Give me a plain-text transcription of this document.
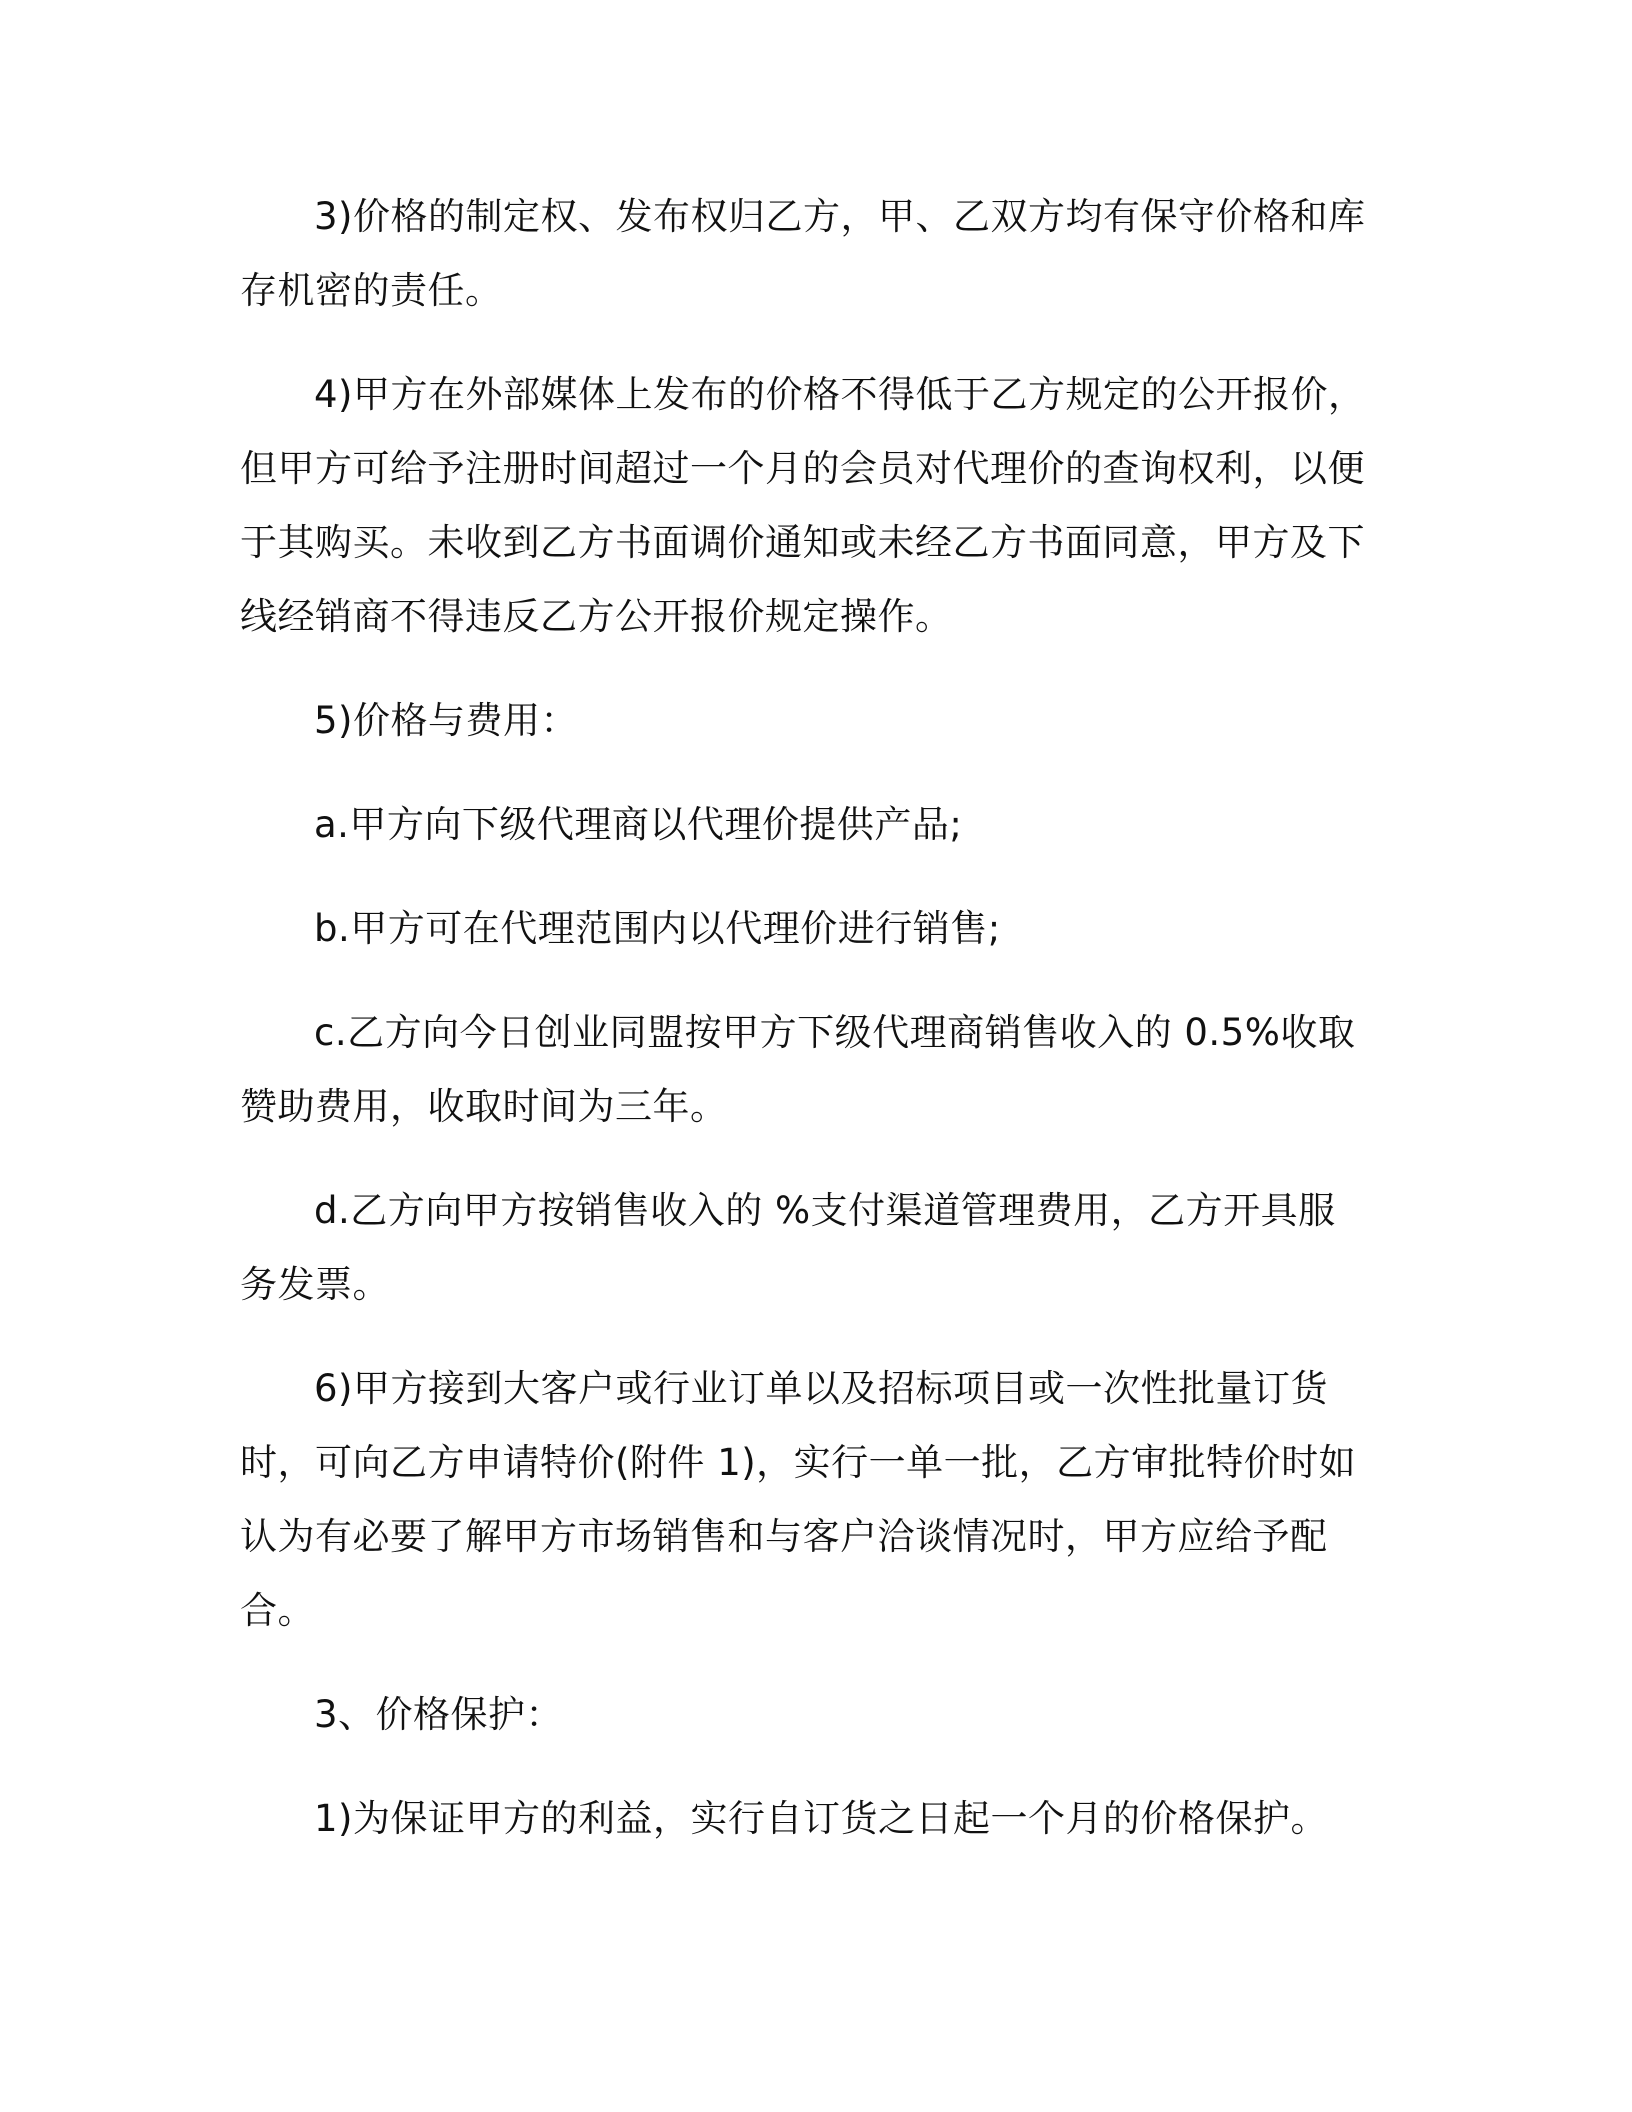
3)价格的制定权、发布权归乙方，甲、乙双方均有保守价格和库存机密的责任。

4)甲方在外部媒体上发布的价格不得低于乙方规定的公开报价，但甲方可给予注册时间超过一个月的会员对代理价的查询权利，以便于其购买。未收到乙方书面调价通知或未经乙方书面同意，甲方及下线经销商不得违反乙方公开报价规定操作。

5)价格与费用：

a.甲方向下级代理商以代理价提供产品;

b.甲方可在代理范围内以代理价进行销售;

c.乙方向今日创业同盟按甲方下级代理商销售收入的 0.5%收取赞助费用，收取时间为三年。

d.乙方向甲方按销售收入的 %支付渠道管理费用，乙方开具服务发票。

6)甲方接到大客户或行业订单以及招标项目或一次性批量订货时，可向乙方申请特价(附件 1)，实行一单一批，乙方审批特价时如认为有必要了解甲方市场销售和与客户洽谈情况时，甲方应给予配合。

3、价格保护：

1)为保证甲方的利益，实行自订货之日起一个月的价格保护。
